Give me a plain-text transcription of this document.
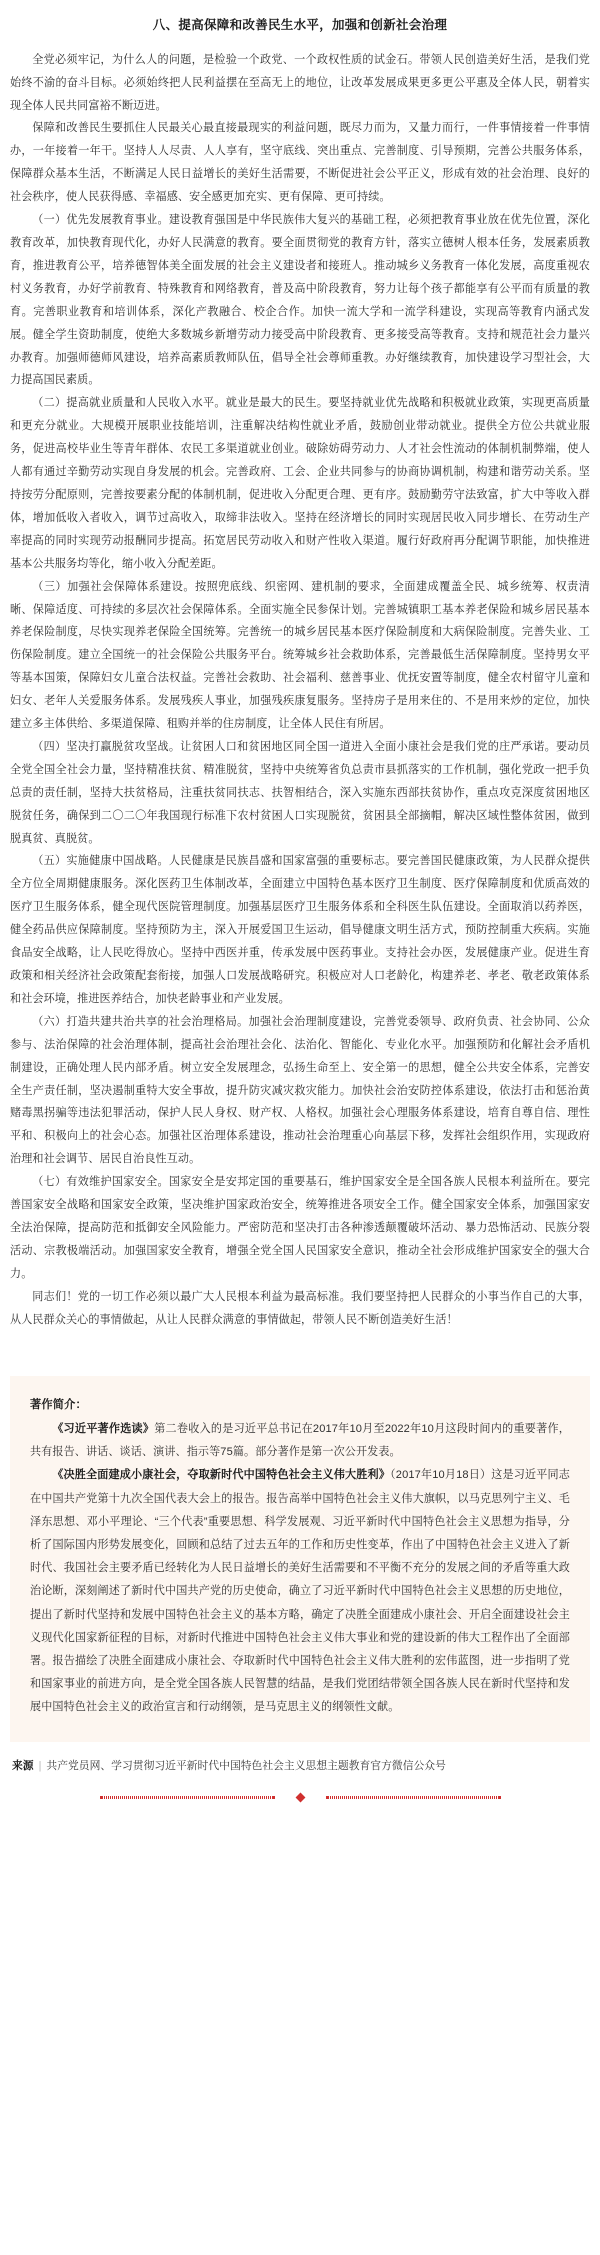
八、提高保障和改善民生水平，加强和创新社会治理

全党必须牢记，为什么人的问题，是检验一个政党、一个政权性质的试金石。带领人民创造美好生活，是我们党始终不渝的奋斗目标。必须始终把人民利益摆在至高无上的地位，让改革发展成果更多更公平惠及全体人民，朝着实现全体人民共同富裕不断迈进。

保障和改善民生要抓住人民最关心最直接最现实的利益问题，既尽力而为，又量力而行，一件事情接着一件事情办，一年接着一年干。坚持人人尽责、人人享有，坚守底线、突出重点、完善制度、引导预期，完善公共服务体系，保障群众基本生活，不断满足人民日益增长的美好生活需要，不断促进社会公平正义，形成有效的社会治理、良好的社会秩序，使人民获得感、幸福感、安全感更加充实、更有保障、更可持续。

（一）优先发展教育事业。建设教育强国是中华民族伟大复兴的基础工程，必须把教育事业放在优先位置，深化教育改革，加快教育现代化，办好人民满意的教育。要全面贯彻党的教育方针，落实立德树人根本任务，发展素质教育，推进教育公平，培养德智体美全面发展的社会主义建设者和接班人。推动城乡义务教育一体化发展，高度重视农村义务教育，办好学前教育、特殊教育和网络教育，普及高中阶段教育，努力让每个孩子都能享有公平而有质量的教育。完善职业教育和培训体系，深化产教融合、校企合作。加快一流大学和一流学科建设，实现高等教育内涵式发展。健全学生资助制度，使绝大多数城乡新增劳动力接受高中阶段教育、更多接受高等教育。支持和规范社会力量兴办教育。加强师德师风建设，培养高素质教师队伍，倡导全社会尊师重教。办好继续教育，加快建设学习型社会，大力提高国民素质。

（二）提高就业质量和人民收入水平。就业是最大的民生。要坚持就业优先战略和积极就业政策，实现更高质量和更充分就业。大规模开展职业技能培训，注重解决结构性就业矛盾，鼓励创业带动就业。提供全方位公共就业服务，促进高校毕业生等青年群体、农民工多渠道就业创业。破除妨碍劳动力、人才社会性流动的体制机制弊端，使人人都有通过辛勤劳动实现自身发展的机会。完善政府、工会、企业共同参与的协商协调机制，构建和谐劳动关系。坚持按劳分配原则，完善按要素分配的体制机制，促进收入分配更合理、更有序。鼓励勤劳守法致富，扩大中等收入群体，增加低收入者收入，调节过高收入，取缔非法收入。坚持在经济增长的同时实现居民收入同步增长、在劳动生产率提高的同时实现劳动报酬同步提高。拓宽居民劳动收入和财产性收入渠道。履行好政府再分配调节职能，加快推进基本公共服务均等化，缩小收入分配差距。

（三）加强社会保障体系建设。按照兜底线、织密网、建机制的要求，全面建成覆盖全民、城乡统筹、权责清晰、保障适度、可持续的多层次社会保障体系。全面实施全民参保计划。完善城镇职工基本养老保险和城乡居民基本养老保险制度，尽快实现养老保险全国统筹。完善统一的城乡居民基本医疗保险制度和大病保险制度。完善失业、工伤保险制度。建立全国统一的社会保险公共服务平台。统筹城乡社会救助体系，完善最低生活保障制度。坚持男女平等基本国策，保障妇女儿童合法权益。完善社会救助、社会福利、慈善事业、优抚安置等制度，健全农村留守儿童和妇女、老年人关爱服务体系。发展残疾人事业，加强残疾康复服务。坚持房子是用来住的、不是用来炒的定位，加快建立多主体供给、多渠道保障、租购并举的住房制度，让全体人民住有所居。

（四）坚决打赢脱贫攻坚战。让贫困人口和贫困地区同全国一道进入全面小康社会是我们党的庄严承诺。要动员全党全国全社会力量，坚持精准扶贫、精准脱贫，坚持中央统筹省负总责市县抓落实的工作机制，强化党政一把手负总责的责任制，坚持大扶贫格局，注重扶贫同扶志、扶智相结合，深入实施东西部扶贫协作，重点攻克深度贫困地区脱贫任务，确保到二〇二〇年我国现行标准下农村贫困人口实现脱贫，贫困县全部摘帽，解决区域性整体贫困，做到脱真贫、真脱贫。

（五）实施健康中国战略。人民健康是民族昌盛和国家富强的重要标志。要完善国民健康政策，为人民群众提供全方位全周期健康服务。深化医药卫生体制改革，全面建立中国特色基本医疗卫生制度、医疗保障制度和优质高效的医疗卫生服务体系，健全现代医院管理制度。加强基层医疗卫生服务体系和全科医生队伍建设。全面取消以药养医，健全药品供应保障制度。坚持预防为主，深入开展爱国卫生运动，倡导健康文明生活方式，预防控制重大疾病。实施食品安全战略，让人民吃得放心。坚持中西医并重，传承发展中医药事业。支持社会办医，发展健康产业。促进生育政策和相关经济社会政策配套衔接，加强人口发展战略研究。积极应对人口老龄化，构建养老、孝老、敬老政策体系和社会环境，推进医养结合，加快老龄事业和产业发展。

（六）打造共建共治共享的社会治理格局。加强社会治理制度建设，完善党委领导、政府负责、社会协同、公众参与、法治保障的社会治理体制，提高社会治理社会化、法治化、智能化、专业化水平。加强预防和化解社会矛盾机制建设，正确处理人民内部矛盾。树立安全发展理念，弘扬生命至上、安全第一的思想，健全公共安全体系，完善安全生产责任制，坚决遏制重特大安全事故，提升防灾减灾救灾能力。加快社会治安防控体系建设，依法打击和惩治黄赌毒黑拐骗等违法犯罪活动，保护人民人身权、财产权、人格权。加强社会心理服务体系建设，培育自尊自信、理性平和、积极向上的社会心态。加强社区治理体系建设，推动社会治理重心向基层下移，发挥社会组织作用，实现政府治理和社会调节、居民自治良性互动。

（七）有效维护国家安全。国家安全是安邦定国的重要基石，维护国家安全是全国各族人民根本利益所在。要完善国家安全战略和国家安全政策，坚决维护国家政治安全，统筹推进各项安全工作。健全国家安全体系，加强国家安全法治保障，提高防范和抵御安全风险能力。严密防范和坚决打击各种渗透颠覆破坏活动、暴力恐怖活动、民族分裂活动、宗教极端活动。加强国家安全教育，增强全党全国人民国家安全意识，推动全社会形成维护国家安全的强大合力。

同志们！党的一切工作必须以最广大人民根本利益为最高标准。我们要坚持把人民群众的小事当作自己的大事，从人民群众关心的事情做起，从让人民群众满意的事情做起，带领人民不断创造美好生活！

著作简介：

《习近平著作选读》第二卷收入的是习近平总书记在2017年10月至2022年10月这段时间内的重要著作，共有报告、讲话、谈话、演讲、指示等75篇。部分著作是第一次公开发表。

《决胜全面建成小康社会，夺取新时代中国特色社会主义伟大胜利》（2017年10月18日）这是习近平同志在中国共产党第十九次全国代表大会上的报告。报告高举中国特色社会主义伟大旗帜，以马克思列宁主义、毛泽东思想、邓小平理论、“三个代表”重要思想、科学发展观、习近平新时代中国特色社会主义思想为指导，分析了国际国内形势发展变化，回顾和总结了过去五年的工作和历史性变革，作出了中国特色社会主义进入了新时代、我国社会主要矛盾已经转化为人民日益增长的美好生活需要和不平衡不充分的发展之间的矛盾等重大政治论断，深刻阐述了新时代中国共产党的历史使命，确立了习近平新时代中国特色社会主义思想的历史地位，提出了新时代坚持和发展中国特色社会主义的基本方略，确定了决胜全面建成小康社会、开启全面建设社会主义现代化国家新征程的目标，对新时代推进中国特色社会主义伟大事业和党的建设新的伟大工程作出了全面部署。报告描绘了决胜全面建成小康社会、夺取新时代中国特色社会主义伟大胜利的宏伟蓝图，进一步指明了党和国家事业的前进方向，是全党全国各族人民智慧的结晶，是我们党团结带领全国各族人民在新时代坚持和发展中国特色社会主义的政治宣言和行动纲领，是马克思主义的纲领性文献。

来源 | 共产党员网、学习贯彻习近平新时代中国特色社会主义思想主题教育官方微信公众号
